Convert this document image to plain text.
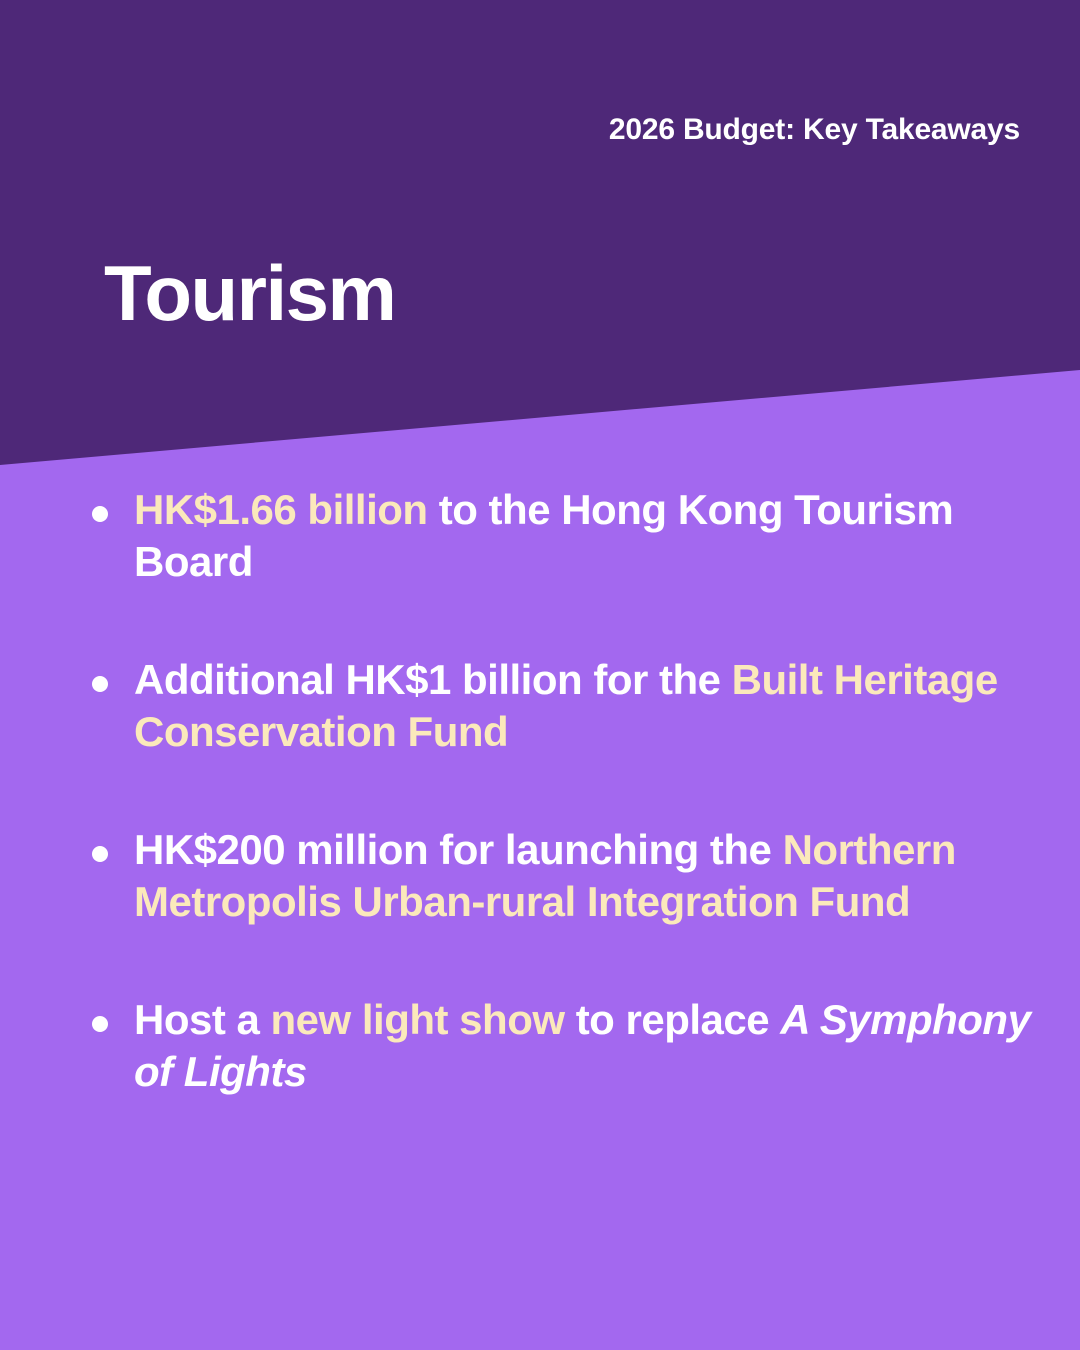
2026 Budget: Key Takeaways
Tourism
HK$1.66 billion to the Hong Kong Tourism Board
Additional HK$1 billion for the Built Heritage Conservation Fund
HK$200 million for launching the Northern Metropolis Urban-rural Integration Fund
Host a new light show to replace A Symphony of Lights
